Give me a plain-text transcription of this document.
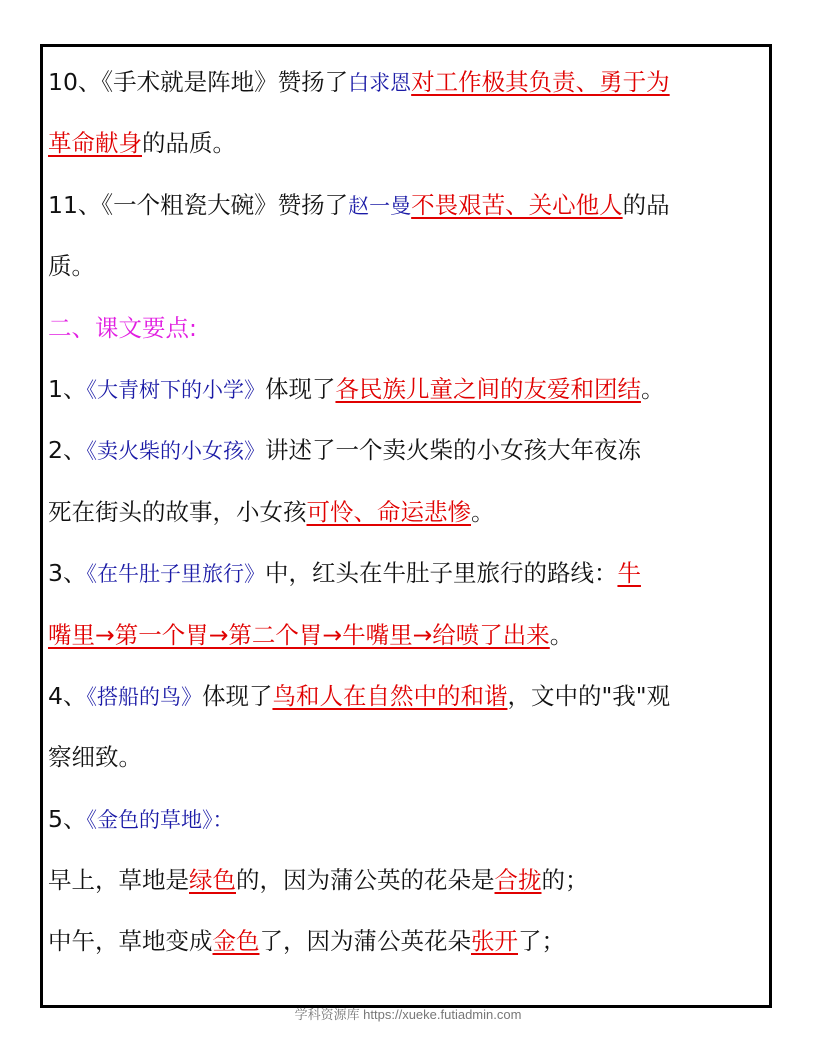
10、《手术就是阵地》赞扬了白求恩对工作极其负责、勇于为
革命献身的品质。
11、《一个粗瓷大碗》赞扬了赵一曼不畏艰苦、关心他人的品
质。
二、课文要点:
1、《大青树下的小学》体现了各民族儿童之间的友爱和团结。
2、《卖火柴的小女孩》讲述了一个卖火柴的小女孩大年夜冻
死在街头的故事，小女孩可怜、命运悲惨。
3、《在牛肚子里旅行》中，红头在牛肚子里旅行的路线：牛
嘴里→第一个胃→第二个胃→牛嘴里→给喷了出来。
4、《搭船的鸟》体现了鸟和人在自然中的和谐，文中的"我"观
察细致。
5、《金色的草地》：
早上，草地是绿色的，因为蒲公英的花朵是合拢的；
中午，草地变成金色了，因为蒲公英花朵张开了；
学科资源库 https://xueke.futiadmin.com
